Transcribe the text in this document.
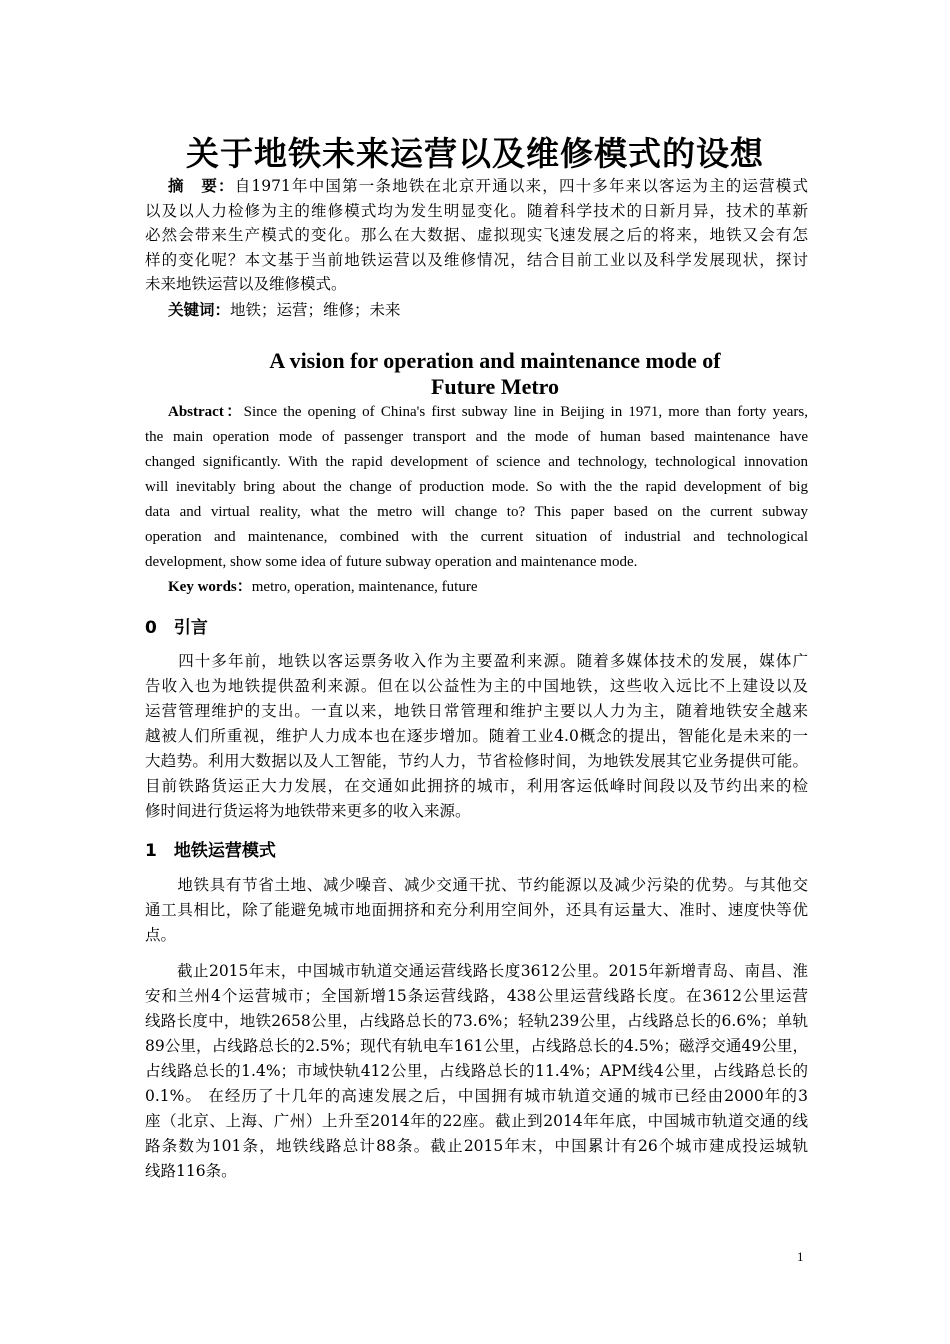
关于地铁未来运营以及维修模式的设想
摘　要：自1971年中国第一条地铁在北京开通以来，四十多年来以客运为主的运营模式
以及以人力检修为主的维修模式均为发生明显变化。随着科学技术的日新月异，技术的革新
必然会带来生产模式的变化。那么在大数据、虚拟现实飞速发展之后的将来，地铁又会有怎
样的变化呢？本文基于当前地铁运营以及维修情况，结合目前工业以及科学发展现状，探讨
未来地铁运营以及维修模式。
关键词：地铁；运营；维修；未来
A vision for operation and maintenance mode of
Future Metro
Abstract：Since the opening of China's first subway line in Beijing in 1971, more than forty years,
the main operation mode of passenger transport and the mode of human based maintenance have
changed significantly. With the rapid development of science and technology, technological innovation
will inevitably bring about the change of production mode. So with the the rapid development of big
data and virtual reality, what the metro will change to? This paper based on the current subway
operation and maintenance, combined with the current situation of industrial and technological
development, show some idea of future subway operation and maintenance mode.
Key words：metro, operation, maintenance, future
0　引言
　　四十多年前，地铁以客运票务收入作为主要盈利来源。随着多媒体技术的发展，媒体广
告收入也为地铁提供盈利来源。但在以公益性为主的中国地铁，这些收入远比不上建设以及
运营管理维护的支出。一直以来，地铁日常管理和维护主要以人力为主，随着地铁安全越来
越被人们所重视，维护人力成本也在逐步增加。随着工业4.0概念的提出，智能化是未来的一
大趋势。利用大数据以及人工智能，节约人力，节省检修时间，为地铁发展其它业务提供可能。
目前铁路货运正大力发展，在交通如此拥挤的城市，利用客运低峰时间段以及节约出来的检
修时间进行货运将为地铁带来更多的收入来源。
1　地铁运营模式
　　地铁具有节省土地、减少噪音、减少交通干扰、节约能源以及减少污染的优势。与其他交
通工具相比，除了能避免城市地面拥挤和充分利用空间外，还具有运量大、准时、速度快等优
点。
　　截止2015年末，中国城市轨道交通运营线路长度3612公里。2015年新增青岛、南昌、淮
安和兰州4个运营城市；全国新增15条运营线路，438公里运营线路长度。在3612公里运营
线路长度中，地铁2658公里，占线路总长的73.6%；轻轨239公里，占线路总长的6.6%；单轨
89公里，占线路总长的2.5%；现代有轨电车161公里，占线路总长的4.5%；磁浮交通49公里，
占线路总长的1.4%；市域快轨412公里，占线路总长的11.4%；APM线4公里，占线路总长的
0.1%。 在经历了十几年的高速发展之后，中国拥有城市轨道交通的城市已经由2000年的3
座（北京、上海、广州）上升至2014年的22座。截止到2014年年底，中国城市轨道交通的线
路条数为101条，地铁线路总计88条。截止2015年末，中国累计有26个城市建成投运城轨
线路116条。
1
